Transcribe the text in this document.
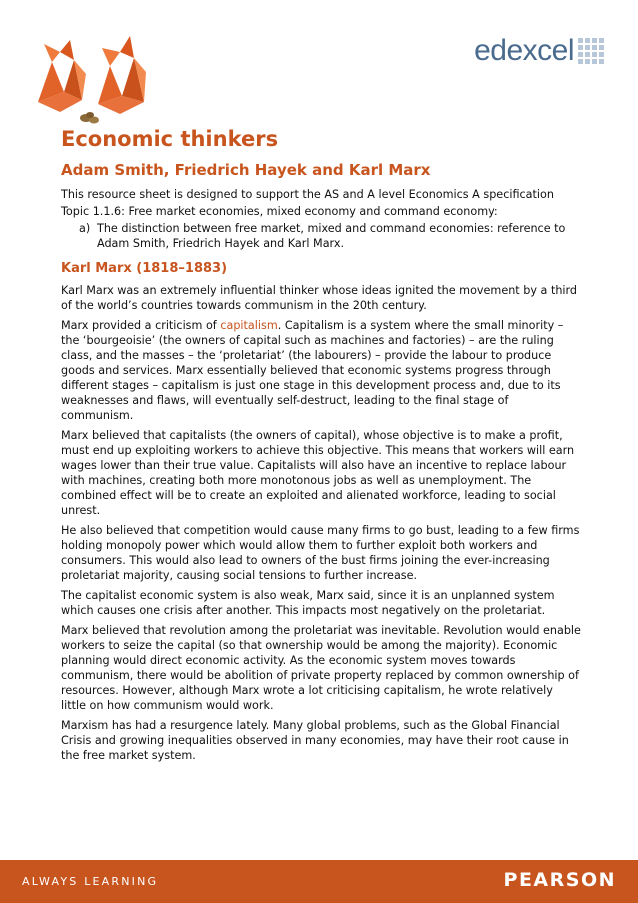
edexcel
Economic thinkers
Adam Smith, Friedrich Hayek and Karl Marx

This resource sheet is designed to support the AS and A level Economics A specification

Topic 1.1.6: Free market economies, mixed economy and command economy:

a) The distinction between free market, mixed and command economies: reference to Adam Smith, Friedrich Hayek and Karl Marx.
Karl Marx (1818–1883)

Karl Marx was an extremely influential thinker whose ideas ignited the movement by a third of the world’s countries towards communism in the 20th century.

Marx provided a criticism of capitalism. Capitalism is a system where the small minority – the ‘bourgeoisie’ (the owners of capital such as machines and factories) – are the ruling class, and the masses – the ‘proletariat’ (the labourers) – provide the labour to produce goods and services. Marx essentially believed that economic systems progress through different stages – capitalism is just one stage in this development process and, due to its weaknesses and flaws, will eventually self-destruct, leading to the final stage of communism.

Marx believed that capitalists (the owners of capital), whose objective is to make a profit, must end up exploiting workers to achieve this objective. This means that workers will earn wages lower than their true value. Capitalists will also have an incentive to replace labour with machines, creating both more monotonous jobs as well as unemployment. The combined effect will be to create an exploited and alienated workforce, leading to social unrest.

He also believed that competition would cause many firms to go bust, leading to a few firms holding monopoly power which would allow them to further exploit both workers and consumers. This would also lead to owners of the bust firms joining the ever-increasing proletariat majority, causing social tensions to further increase.

The capitalist economic system is also weak, Marx said, since it is an unplanned system which causes one crisis after another. This impacts most negatively on the proletariat.

Marx believed that revolution among the proletariat was inevitable. Revolution would enable workers to seize the capital (so that ownership would be among the majority). Economic planning would direct economic activity. As the economic system moves towards communism, there would be abolition of private property replaced by common ownership of resources. However, although Marx wrote a lot criticising capitalism, he wrote relatively little on how communism would work.

Marxism has had a resurgence lately. Many global problems, such as the Global Financial Crisis and growing inequalities observed in many economies, may have their root cause in the free market system.

ALWAYS LEARNING	PEARSON
